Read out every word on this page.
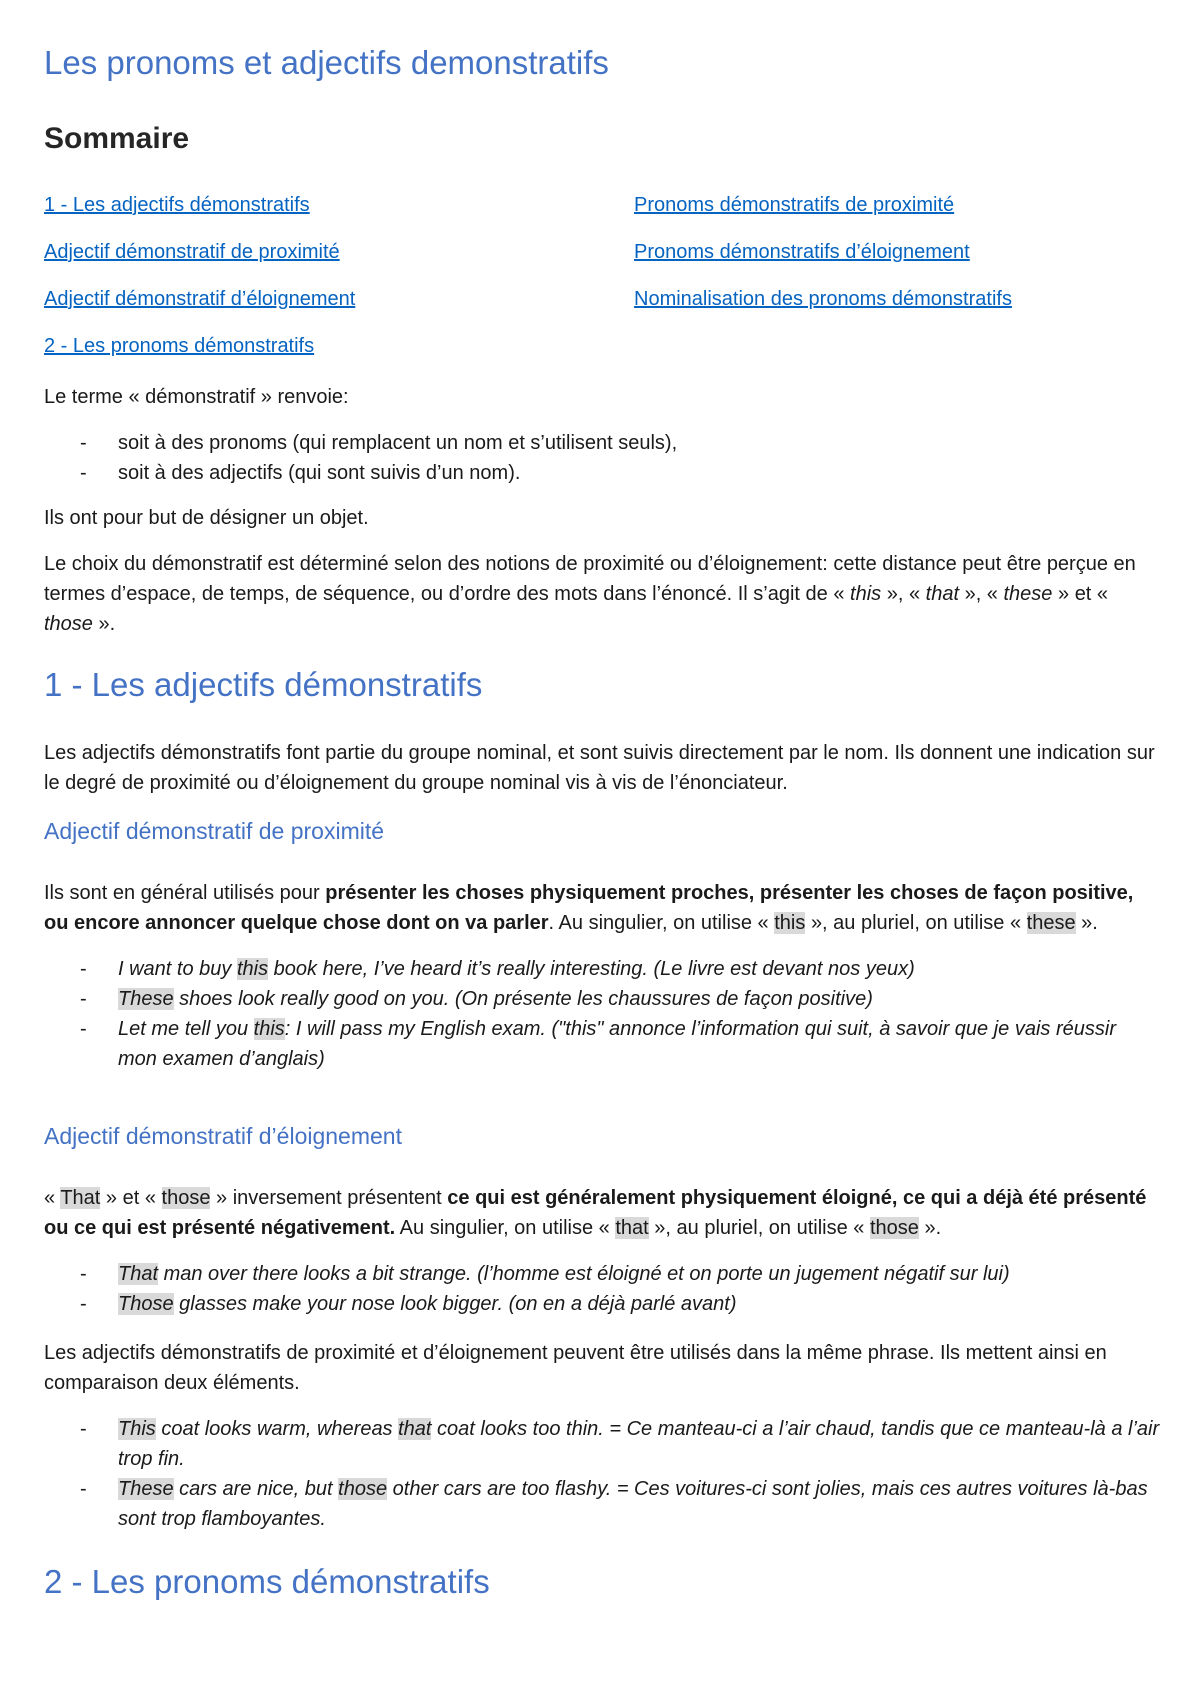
Les pronoms et adjectifs demonstratifs
Sommaire
1 - Les adjectifs démonstratifs
Adjectif démonstratif de proximité
Adjectif démonstratif d’éloignement
2 - Les pronoms démonstratifs
Pronoms démonstratifs de proximité
Pronoms démonstratifs d’éloignement
Nominalisation des pronoms démonstratifs

Le terme « démonstratif » renvoie:

- soit à des pronoms (qui remplacent un nom et s’utilisent seuls),
- soit à des adjectifs (qui sont suivis d’un nom).

Ils ont pour but de désigner un objet.

Le choix du démonstratif est déterminé selon des notions de proximité ou d’éloignement: cette distance peut être perçue en termes d’espace, de temps, de séquence, ou d’ordre des mots dans l’énoncé. Il s’agit de « this », « that », « these » et « those ».

1 - Les adjectifs démonstratifs

Les adjectifs démonstratifs font partie du groupe nominal, et sont suivis directement par le nom. Ils donnent une indication sur le degré de proximité ou d’éloignement du groupe nominal vis à vis de l’énonciateur.

Adjectif démonstratif de proximité

Ils sont en général utilisés pour présenter les choses physiquement proches, présenter les choses de façon positive, ou encore annoncer quelque chose dont on va parler. Au singulier, on utilise « this », au pluriel, on utilise « these ».

- I want to buy this book here, I’ve heard it’s really interesting. (Le livre est devant nos yeux)
- These shoes look really good on you. (On présente les chaussures de façon positive)
- Let me tell you this: I will pass my English exam. ("this" annonce l’information qui suit, à savoir que je vais réussir mon examen d’anglais)
Adjectif démonstratif d’éloignement

« That » et « those » inversement présentent ce qui est généralement physiquement éloigné, ce qui a déjà été présenté ou ce qui est présenté négativement. Au singulier, on utilise « that », au pluriel, on utilise « those ».

- That man over there looks a bit strange. (l’homme est éloigné et on porte un jugement négatif sur lui)
- Those glasses make your nose look bigger. (on en a déjà parlé avant)

Les adjectifs démonstratifs de proximité et d’éloignement peuvent être utilisés dans la même phrase. Ils mettent ainsi en comparaison deux éléments.

- This coat looks warm, whereas that coat looks too thin. = Ce manteau-ci a l’air chaud, tandis que ce manteau-là a l’air trop fin.
- These cars are nice, but those other cars are too flashy. = Ces voitures-ci sont jolies, mais ces autres voitures là-bas sont trop flamboyantes.
2 - Les pronoms démonstratifs
